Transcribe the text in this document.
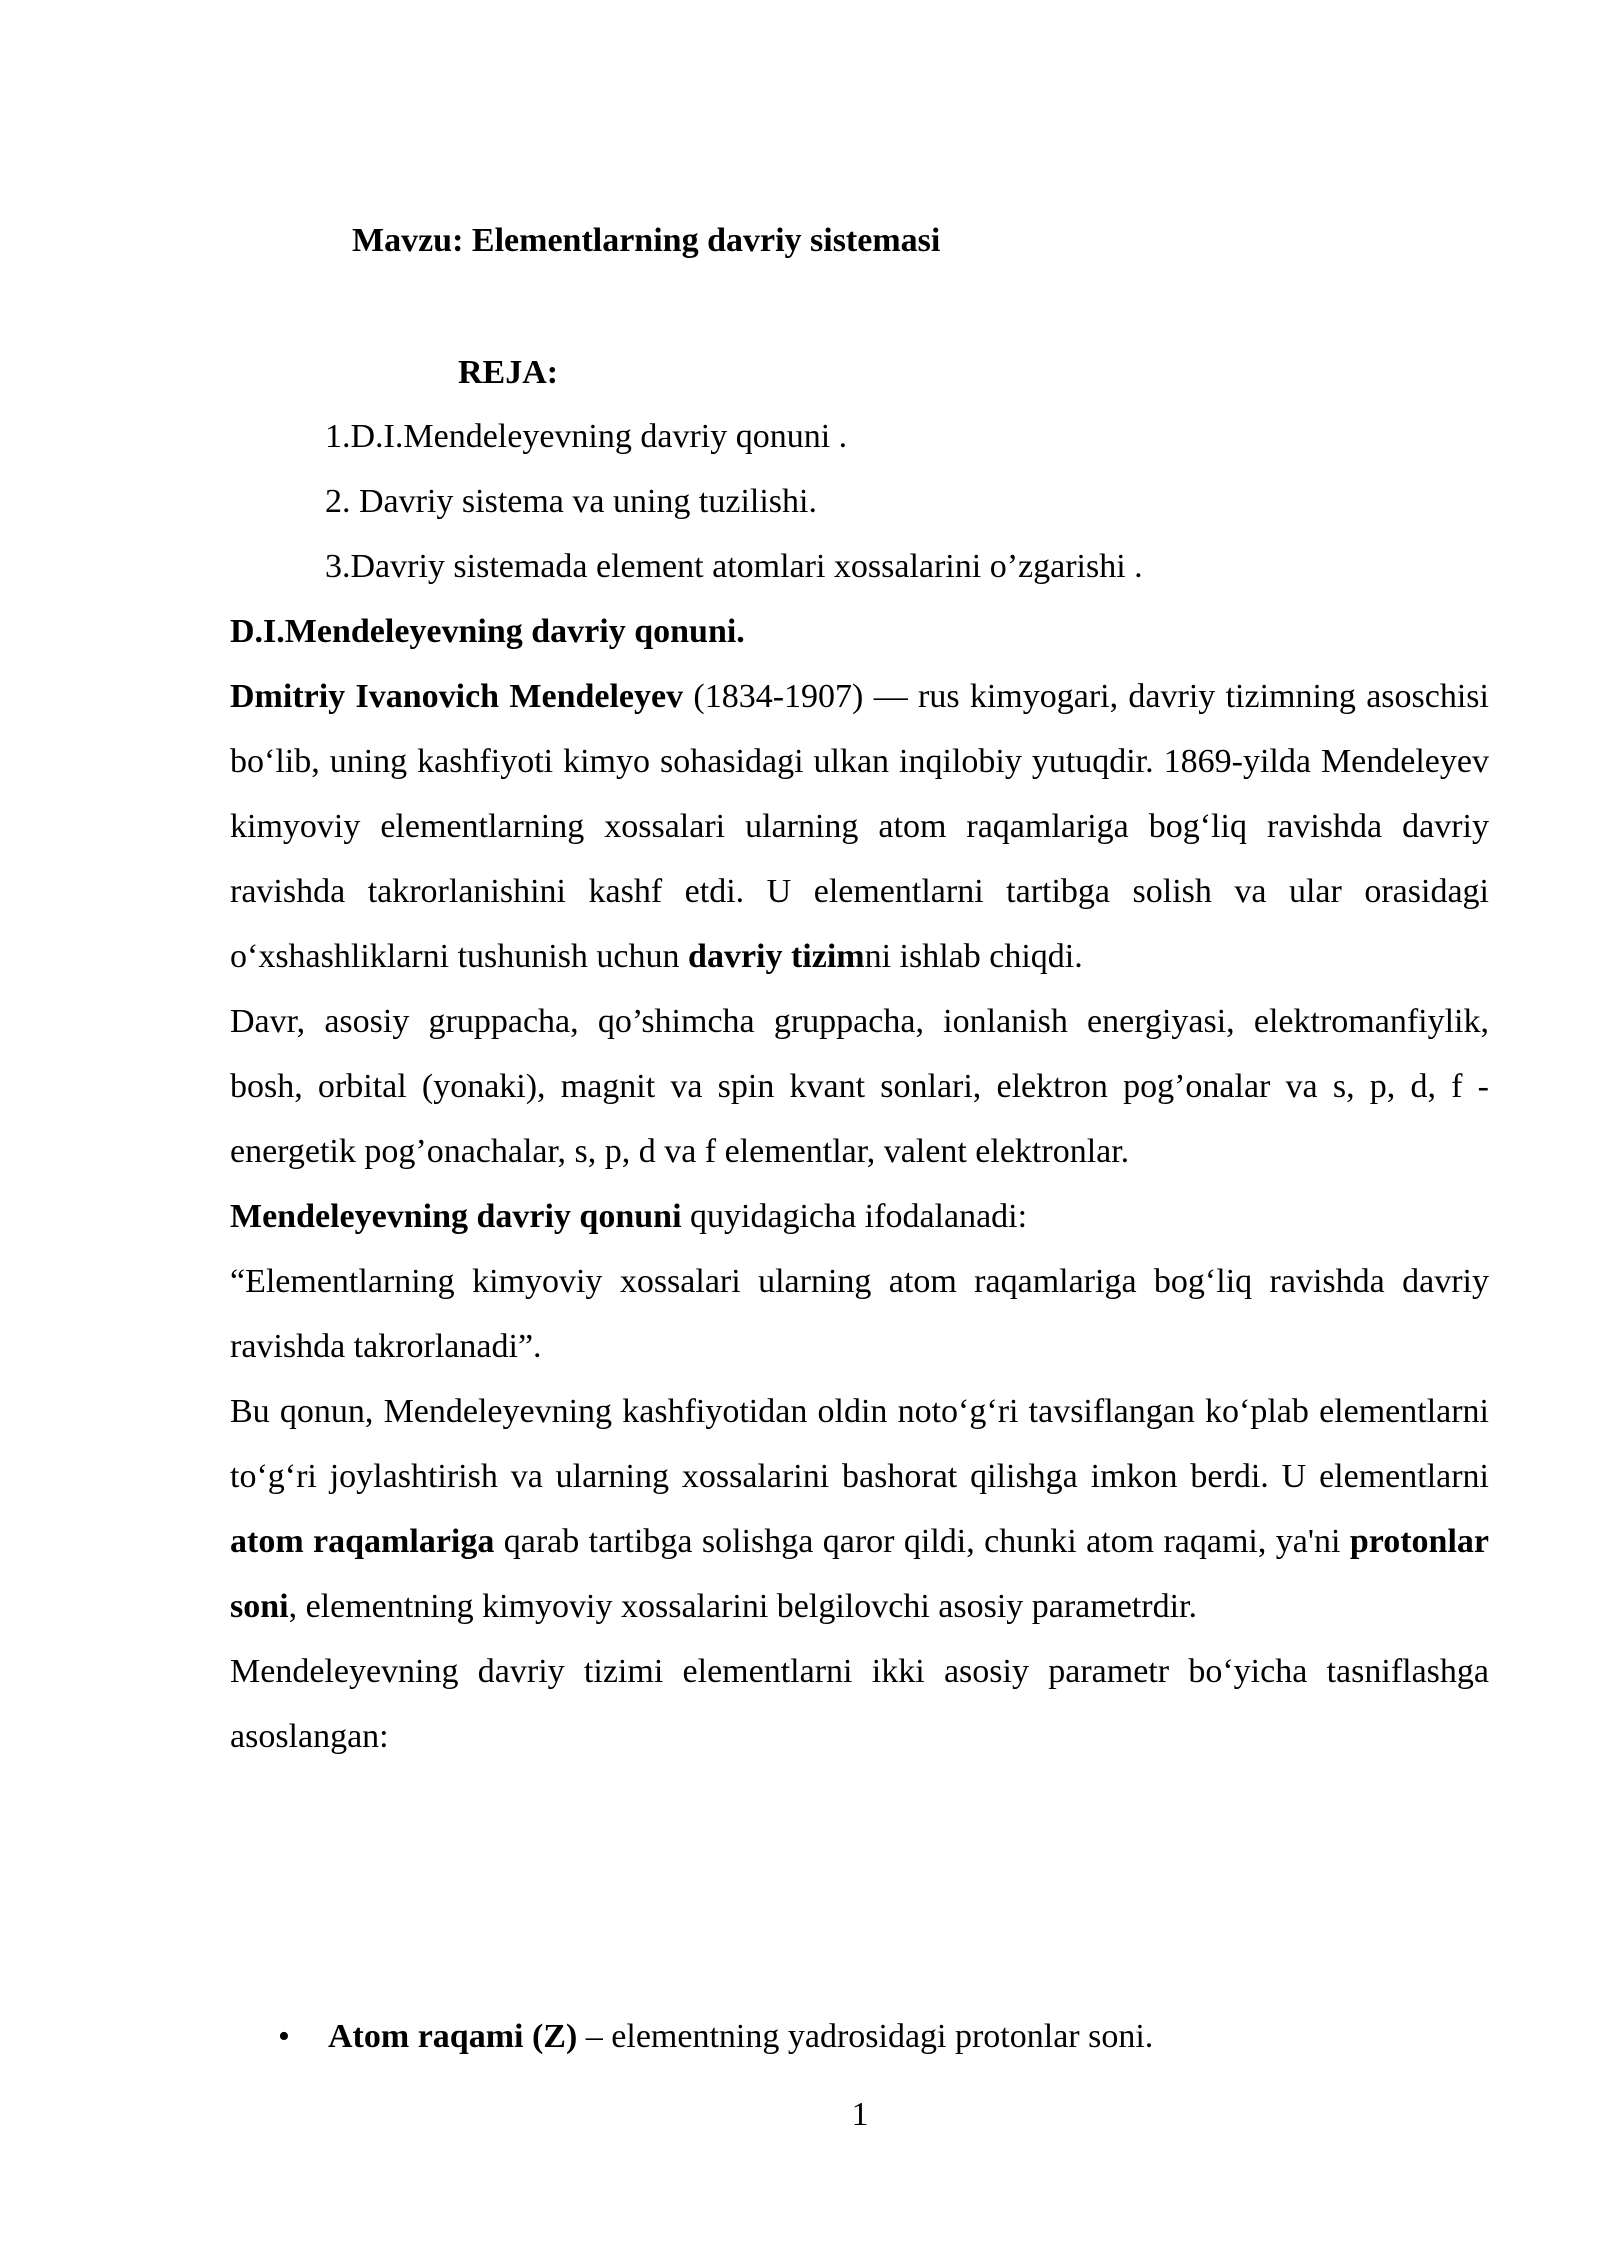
Mavzu: Elementlarning davriy sistemasi
REJA:
1.D.I.Mendeleyevning davriy qonuni .
2. Davriy sistema va uning tuzilishi.
3.Davriy sistemada element atomlari xossalarini o’zgarishi .

D.I.Mendeleyevning davriy qonuni.

Dmitriy Ivanovich Mendeleyev (1834-1907) — rus kimyogari, davriy tizimning asoschisi bo‘lib, uning kashfiyoti kimyo sohasidagi ulkan inqilobiy yutuqdir. 1869-yilda Mendeleyev kimyoviy elementlarning xossalari ularning atom raqamlariga bog‘liq ravishda davriy ravishda takrorlanishini kashf etdi. U elementlarni tartibga solish va ular orasidagi o‘xshashliklarni tushunish uchun davriy tizimni ishlab chiqdi.

Davr, asosiy gruppacha, qo’shimcha gruppacha, ionlanish energiyasi, elektromanfiylik, bosh, orbital (yonaki), magnit va spin kvant sonlari, elektron pog’onalar va s, p, d, f - energetik pog’onachalar, s, p, d va f elementlar, valent elektronlar.

Mendeleyevning davriy qonuni quyidagicha ifodalanadi:

“Elementlarning kimyoviy xossalari ularning atom raqamlariga bog‘liq ravishda davriy ravishda takrorlanadi”.

Bu qonun, Mendeleyevning kashfiyotidan oldin noto‘g‘ri tavsiflangan ko‘plab elementlarni to‘g‘ri joylashtirish va ularning xossalarini bashorat qilishga imkon berdi. U elementlarni atom raqamlariga qarab tartibga solishga qaror qildi, chunki atom raqami, ya'ni protonlar soni, elementning kimyoviy xossalarini belgilovchi asosiy parametrdir.

Mendeleyevning davriy tizimi elementlarni ikki asosiy parametr bo‘yicha tasniflashga asoslangan:

• Atom raqami (Z) – elementning yadrosidagi protonlar soni.
1
